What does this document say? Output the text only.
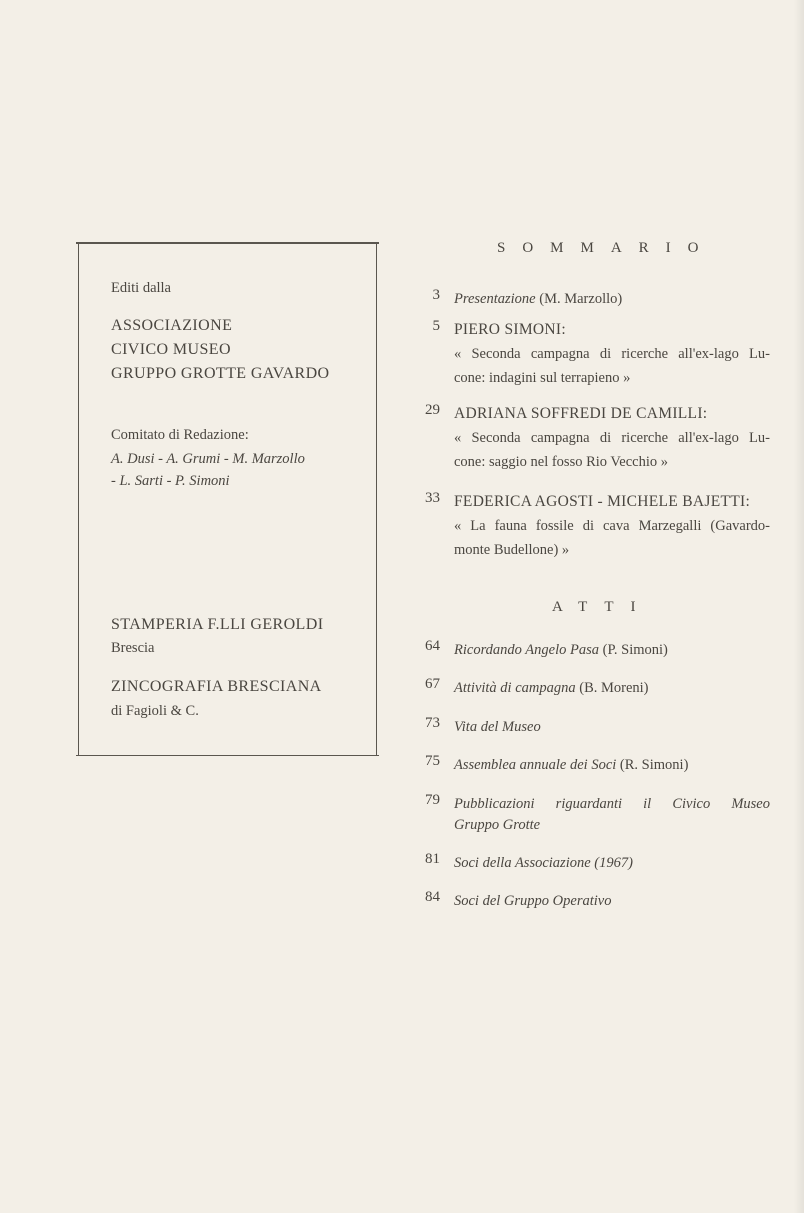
Editi dalla
ASSOCIAZIONE
CIVICO MUSEO
GRUPPO GROTTE GAVARDO
Comitato di Redazione:
A. Dusi - A. Grumi - M. Marzollo
- L. Sarti - P. Simoni
STAMPERIA F.LLI GEROLDI
Brescia
ZINCOGRAFIA BRESCIANA
di Fagioli & C.
SOMMARIO
3 Presentazione (M. Marzollo)
5 PIERO SIMONI:
« Seconda campagna di ricerche all'ex-lago Lu-
cone: indagini sul terrapieno »
29 ADRIANA SOFFREDI DE CAMILLI:
« Seconda campagna di ricerche all'ex-lago Lu-
cone: saggio nel fosso Rio Vecchio »
33 FEDERICA AGOSTI - MICHELE BAJETTI:
« La fauna fossile di cava Marzegalli (Gavardo-
monte Budellone) »
ATTI
64 Ricordando Angelo Pasa (P. Simoni)
67 Attività di campagna (B. Moreni)
73 Vita del Museo
75 Assemblea annuale dei Soci (R. Simoni)
79 Pubblicazioni riguardanti il Civico Museo
Gruppo Grotte
81 Soci della Associazione (1967)
84 Soci del Gruppo Operativo
